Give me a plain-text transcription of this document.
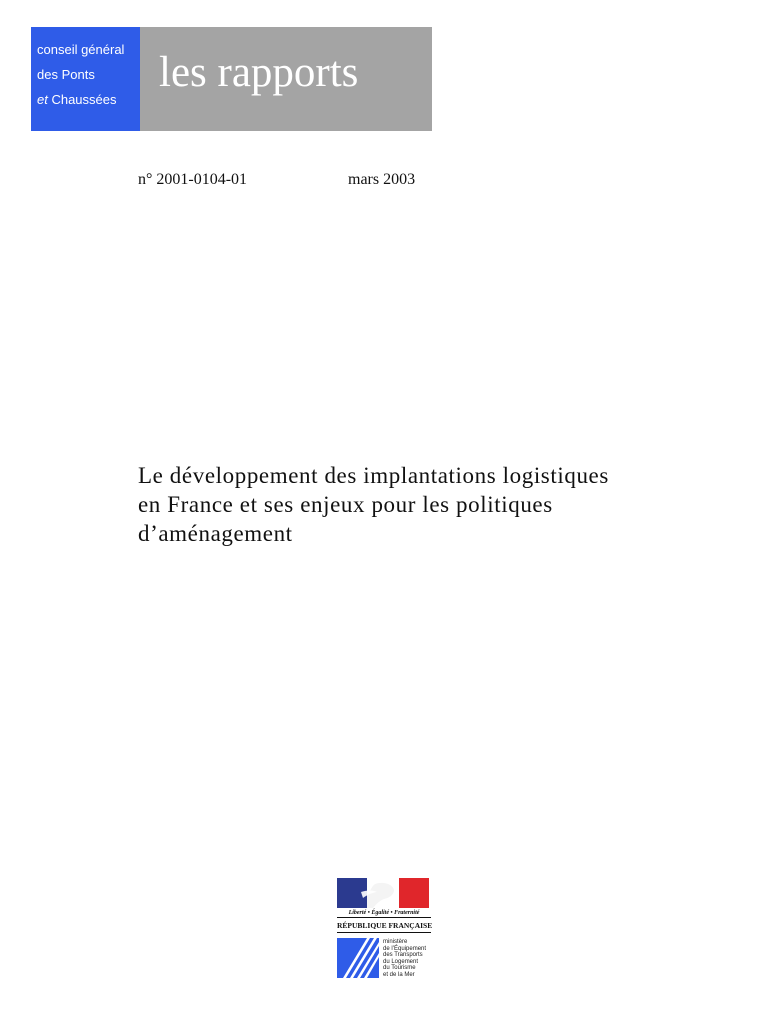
conseil général
des Ponts
et Chaussées
les rapports
n° 2001-0104-01	mars 2003
Le développement des implantations logistiques
en France et ses enjeux pour les politiques
d’aménagement
Liberté • Égalité • Fraternité
RÉPUBLIQUE FRANÇAISE
ministère
de l’Équipement
des Transports
du Logement
du Tourisme
et de la Mer
